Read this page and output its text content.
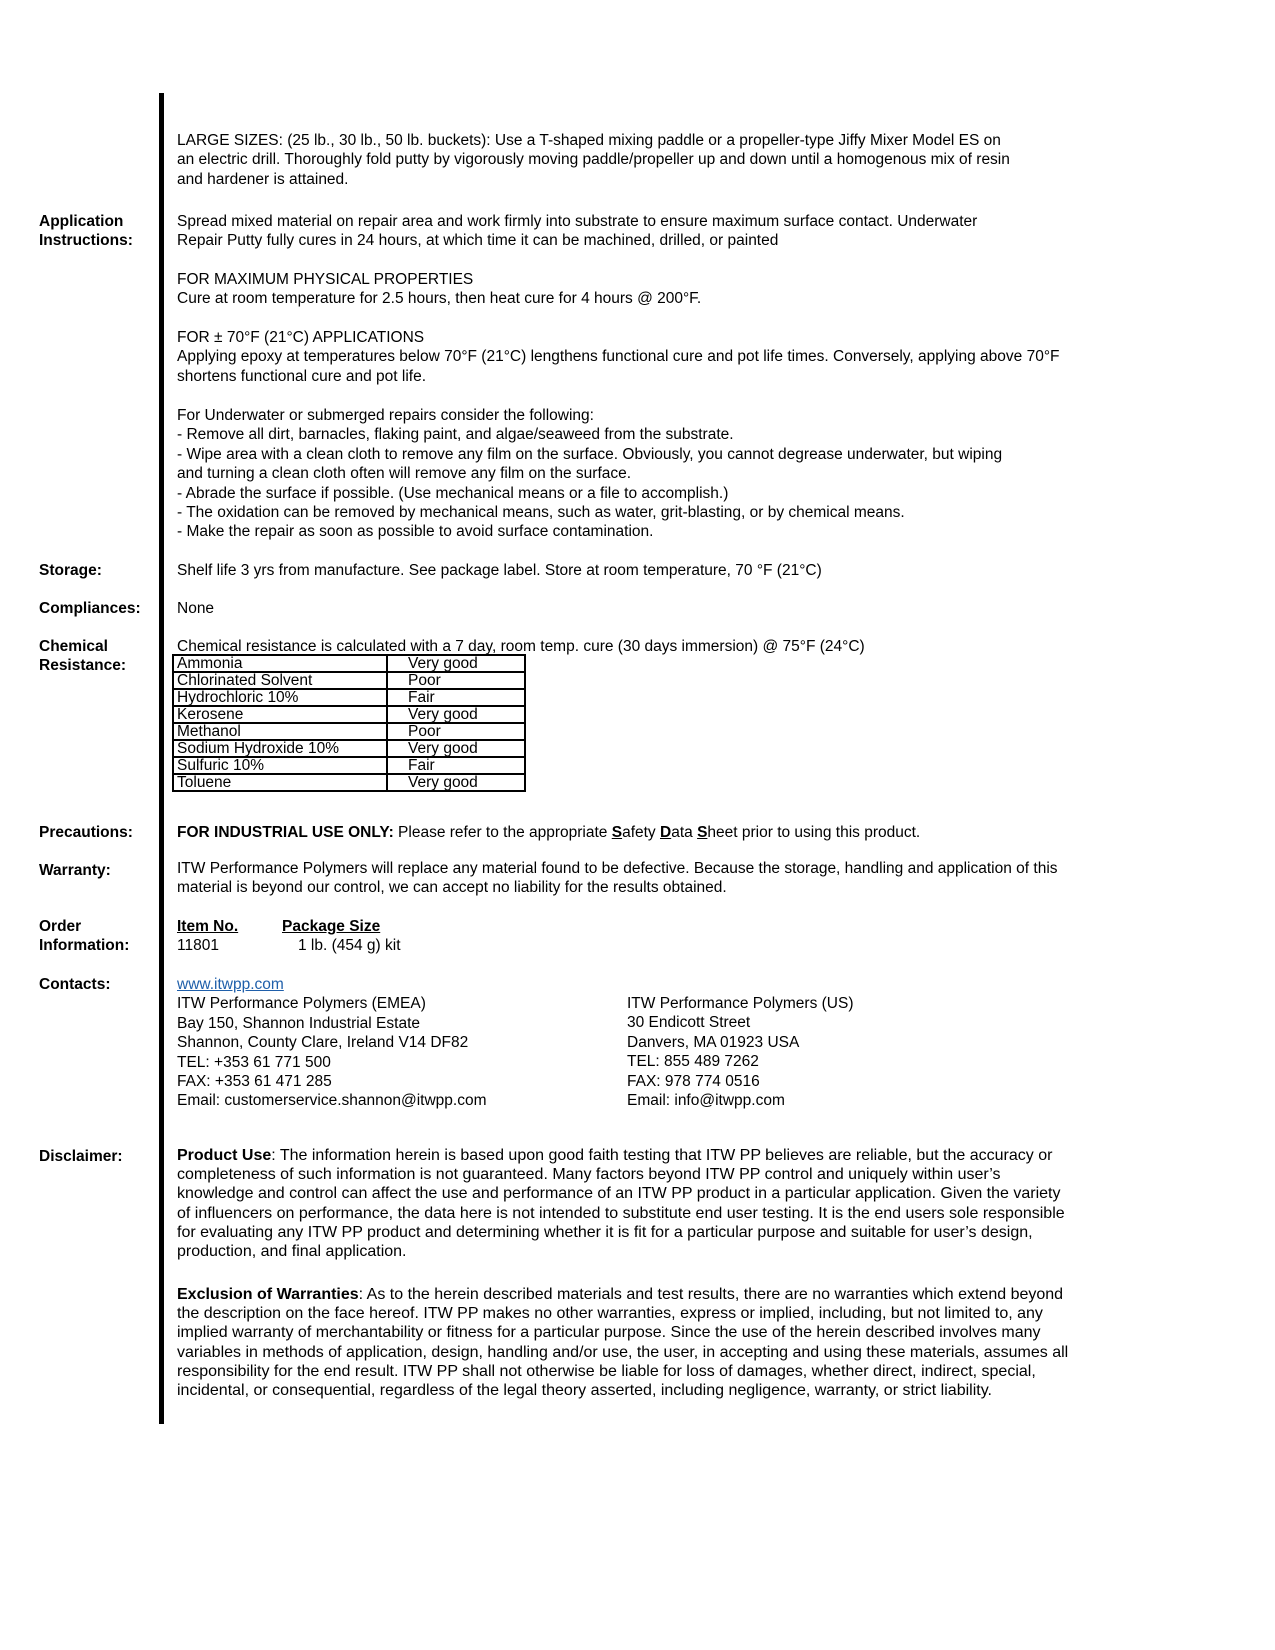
LARGE SIZES: (25 lb., 30 lb., 50 lb. buckets): Use a T-shaped mixing paddle or a propeller-type Jiffy Mixer Model ES on

an electric drill. Thoroughly fold putty by vigorously moving paddle/propeller up and down until a homogenous mix of resin

and hardener is attained.

Application
Instructions:

Spread mixed material on repair area and work firmly into substrate to ensure maximum surface contact. Underwater

Repair Putty fully cures in 24 hours, at which time it can be machined, drilled, or painted

FOR MAXIMUM PHYSICAL PROPERTIES

Cure at room temperature for 2.5 hours, then heat cure for 4 hours @ 200°F.

FOR ± 70°F (21°C) APPLICATIONS

Applying epoxy at temperatures below 70°F (21°C) lengthens functional cure and pot life times. Conversely, applying above 70°F

shortens functional cure and pot life.

For Underwater or submerged repairs consider the following:

- Remove all dirt, barnacles, flaking paint, and algae/seaweed from the substrate.

- Wipe area with a clean cloth to remove any film on the surface. Obviously, you cannot degrease underwater, but wiping

and turning a clean cloth often will remove any film on the surface.

- Abrade the surface if possible. (Use mechanical means or a file to accomplish.)

- The oxidation can be removed by mechanical means, such as water, grit-blasting, or by chemical means.

- Make the repair as soon as possible to avoid surface contamination.

Storage:	Shelf life 3 yrs from manufacture. See package label. Store at room temperature, 70 °F (21°C)
Compliances: None
Chemical
Resistance:
Chemical resistance is calculated with a 7 day, room temp. cure (30 days immersion) @ 75°F (24°C)
Ammonia	Very good
Chlorinated Solvent	Poor
Hydrochloric 10%	Fair
Kerosene	Very good
Methanol	Poor
Sodium Hydroxide 10%	Very good
Sulfuric 10%	Fair
Toluene	Very good
Precautions:	FOR INDUSTRIAL USE ONLY: Please refer to the appropriate Safety Data Sheet prior to using this product.
Warranty:	ITW Performance Polymers will replace any material found to be defective. Because the storage, handling and application of this

material is beyond our control, we can accept no liability for the results obtained.

Order
Information:
Item No.	Package Size
11801	1 lb. (454 g) kit
Contacts:	www.itwpp.com

ITW Performance Polymers (EMEA)

Bay 150, Shannon Industrial Estate

Shannon, County Clare, Ireland V14 DF82

TEL: +353 61 771 500

FAX: +353 61 471 285

Email: customerservice.shannon@itwpp.com

ITW Performance Polymers (US)

30 Endicott Street

Danvers, MA 01923 USA

TEL: 855 489 7262

FAX: 978 774 0516

Email: info@itwpp.com

Disclaimer:	Product Use: The information herein is based upon good faith testing that ITW PP believes are reliable, but the accuracy or completeness of such information is not guaranteed. Many factors beyond ITW PP control and uniquely within user’s knowledge and control can affect the use and performance of an ITW PP product in a particular application. Given the variety of influencers on performance, the data here is not intended to substitute end user testing. It is the end users sole responsible for evaluating any ITW PP product and determining whether it is fit for a particular purpose and suitable for user’s design, production, and final application.

Exclusion of Warranties: As to the herein described materials and test results, there are no warranties which extend beyond the description on the face hereof. ITW PP makes no other warranties, express or implied, including, but not limited to, any implied warranty of merchantability or fitness for a particular purpose. Since the use of the herein described involves many variables in methods of application, design, handling and/or use, the user, in accepting and using these materials, assumes all responsibility for the end result. ITW PP shall not otherwise be liable for loss of damages, whether direct, indirect, special, incidental, or consequential, regardless of the legal theory asserted, including negligence, warranty, or strict liability.
